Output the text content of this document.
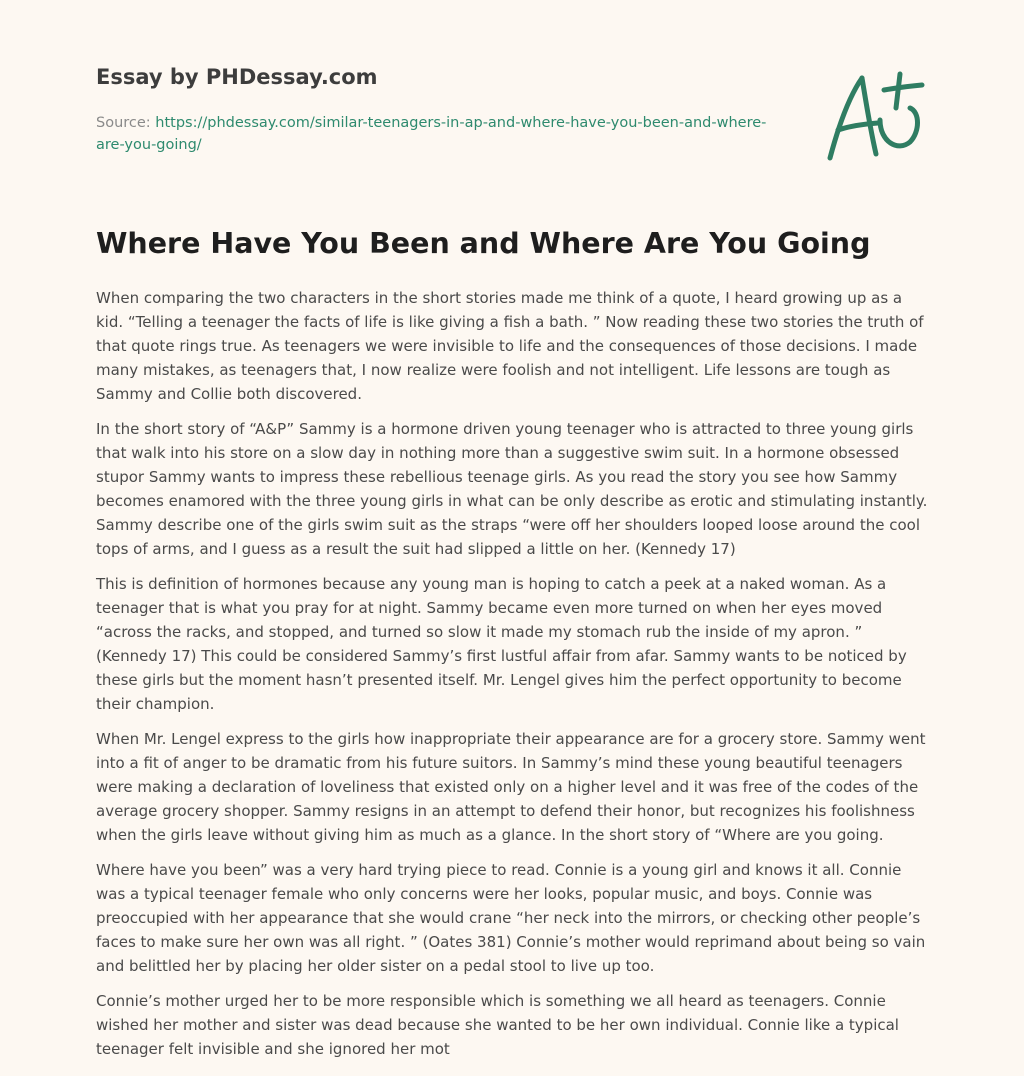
Essay by PHDessay.com
Source: https://phdessay.com/similar-teenagers-in-ap-and-where-have-you-been-and-where-are-you-going/
Where Have You Been and Where Are You Going

When comparing the two characters in the short stories made me think of a quote, I heard growing up as a kid. “Telling a teenager the facts of life is like giving a fish a bath. ” Now reading these two stories the truth of that quote rings true. As teenagers we were invisible to life and the consequences of those decisions. I made many mistakes, as teenagers that, I now realize were foolish and not intelligent. Life lessons are tough as Sammy and Collie both discovered.

In the short story of “A&P” Sammy is a hormone driven young teenager who is attracted to three young girls that walk into his store on a slow day in nothing more than a suggestive swim suit. In a hormone obsessed stupor Sammy wants to impress these rebellious teenage girls. As you read the story you see how Sammy becomes enamored with the three young girls in what can be only describe as erotic and stimulating instantly. Sammy describe one of the girls swim suit as the straps “were off her shoulders looped loose around the cool tops of arms, and I guess as a result the suit had slipped a little on her. (Kennedy 17)

This is definition of hormones because any young man is hoping to catch a peek at a naked woman. As a teenager that is what you pray for at night. Sammy became even more turned on when her eyes moved “across the racks, and stopped, and turned so slow it made my stomach rub the inside of my apron. ” (Kennedy 17) This could be considered Sammy’s first lustful affair from afar. Sammy wants to be noticed by these girls but the moment hasn’t presented itself. Mr. Lengel gives him the perfect opportunity to become their champion.

When Mr. Lengel express to the girls how inappropriate their appearance are for a grocery store. Sammy went into a fit of anger to be dramatic from his future suitors. In Sammy’s mind these young beautiful teenagers were making a declaration of loveliness that existed only on a higher level and it was free of the codes of the average grocery shopper. Sammy resigns in an attempt to defend their honor, but recognizes his foolishness when the girls leave without giving him as much as a glance. In the short story of “Where are you going.

Where have you been” was a very hard trying piece to read. Connie is a young girl and knows it all. Connie was a typical teenager female who only concerns were her looks, popular music, and boys. Connie was preoccupied with her appearance that she would crane “her neck into the mirrors, or checking other people’s faces to make sure her own was all right. ” (Oates 381) Connie’s mother would reprimand about being so vain and belittled her by placing her older sister on a pedal stool to live up too.

Connie’s mother urged her to be more responsible which is something we all heard as teenagers. Connie wished her mother and sister was dead because she wanted to be her own individual. Connie like a typical teenager felt invisible and she ignored her mot
